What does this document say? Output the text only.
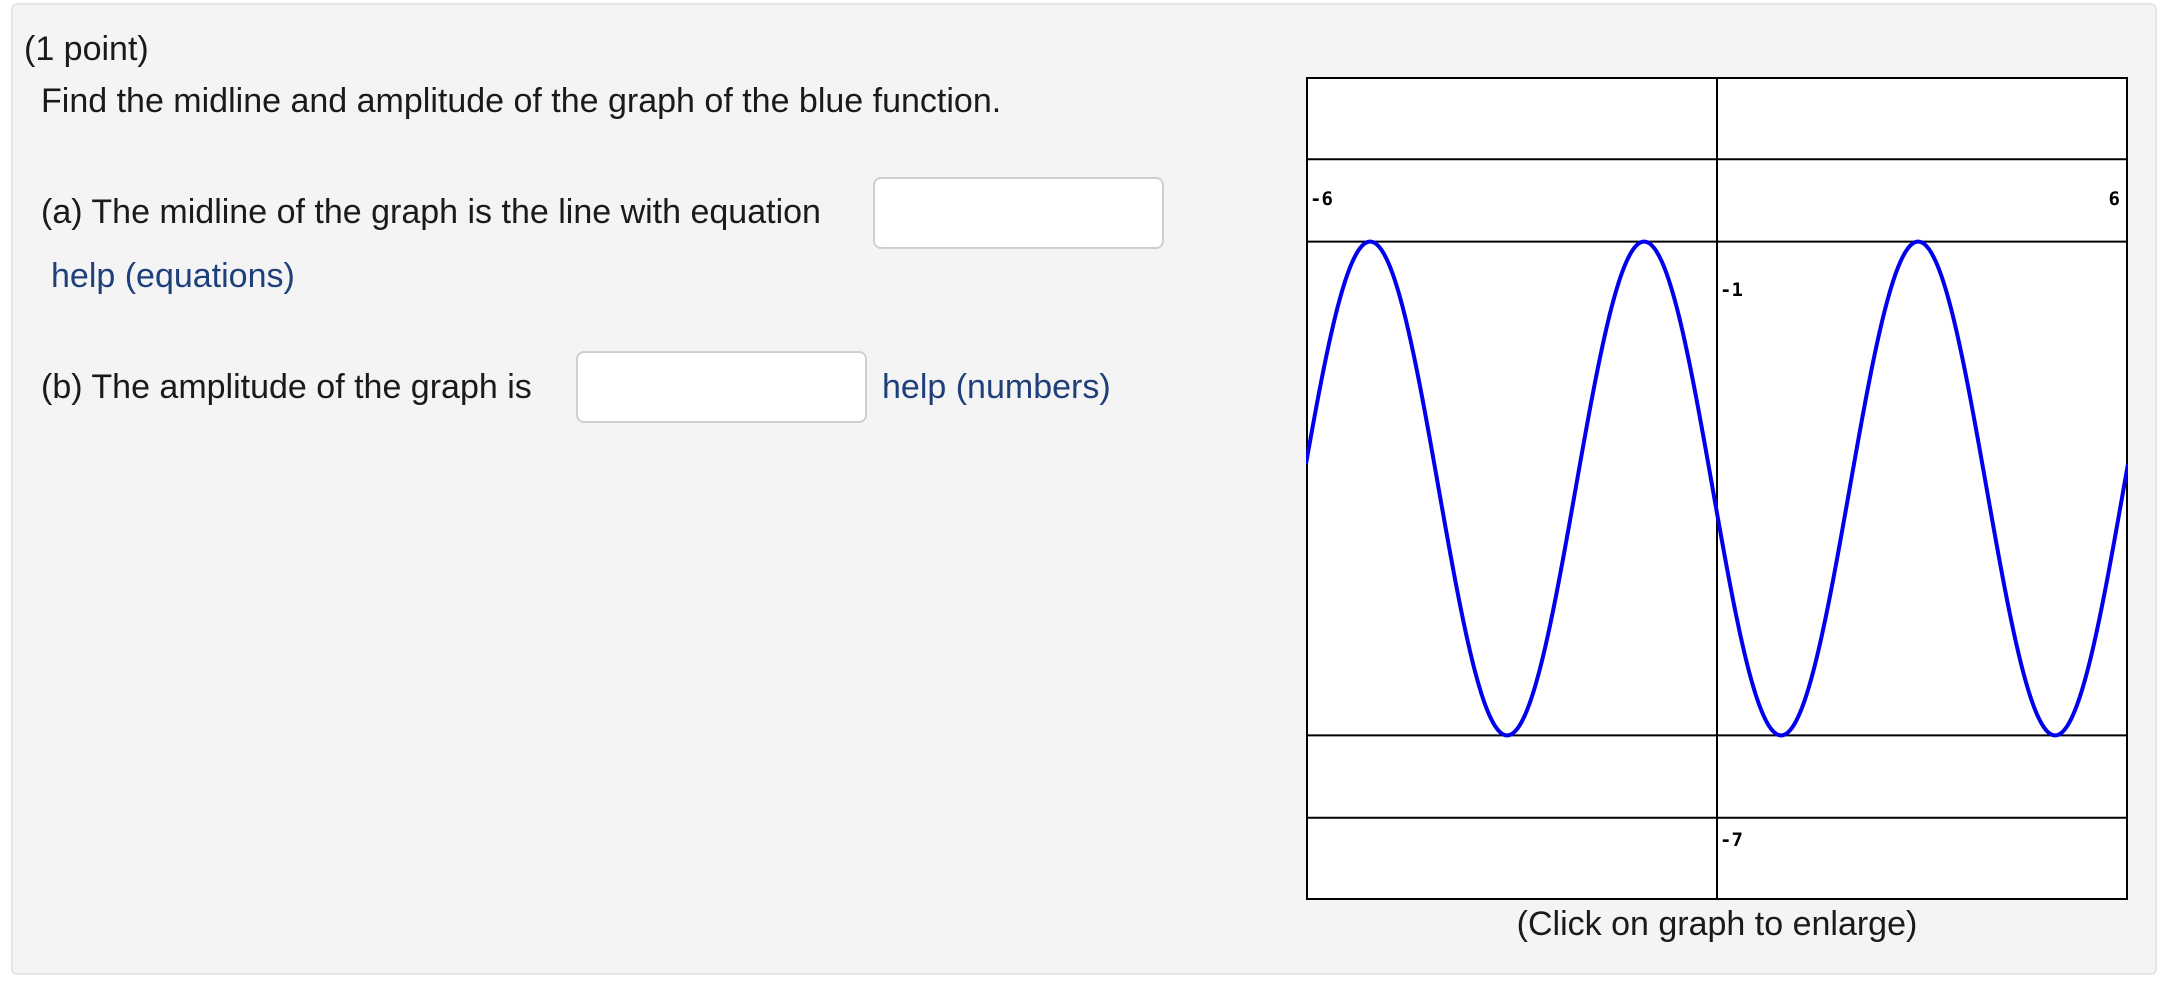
(1 point)
Find the midline and amplitude of the graph of the blue function.
(a) The midline of the graph is the line with equation
help (equations)
(b) The amplitude of the graph is	help (numbers)
-6	6
-1
-7
(Click on graph to enlarge)
